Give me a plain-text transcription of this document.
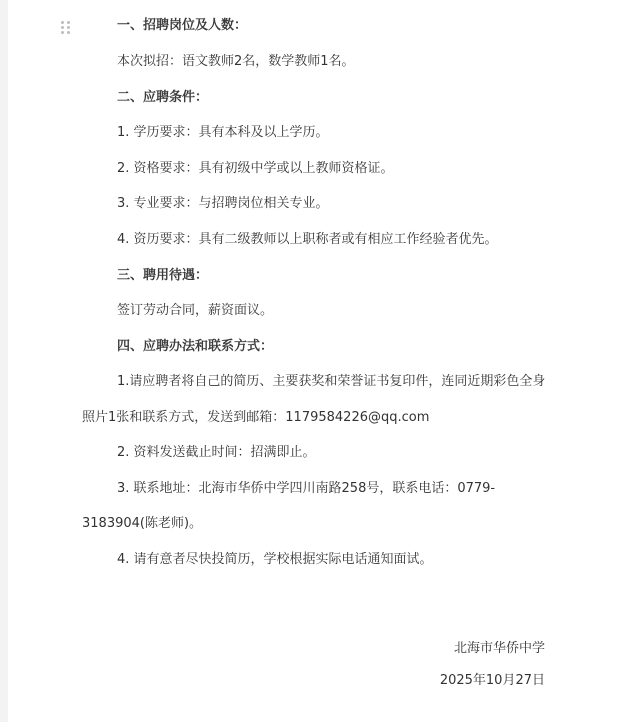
一、招聘岗位及人数：
本次拟招：语文教师2名，数学教师1名。
二、应聘条件：
1. 学历要求：具有本科及以上学历。
2. 资格要求：具有初级中学或以上教师资格证。
3. 专业要求：与招聘岗位相关专业。
4. 资历要求：具有二级教师以上职称者或有相应工作经验者优先。
三、聘用待遇：
签订劳动合同，薪资面议。
四、应聘办法和联系方式：
1.请应聘者将自己的简历、主要获奖和荣誉证书复印件，连同近期彩色全身
照片1张和联系方式，发送到邮箱：1179584226@qq.com
2. 资料发送截止时间：招满即止。
3. 联系地址：北海市华侨中学四川南路258号，联系电话：0779-
3183904(陈老师)。
4. 请有意者尽快投简历，学校根据实际电话通知面试。
北海市华侨中学
2025年10月27日
